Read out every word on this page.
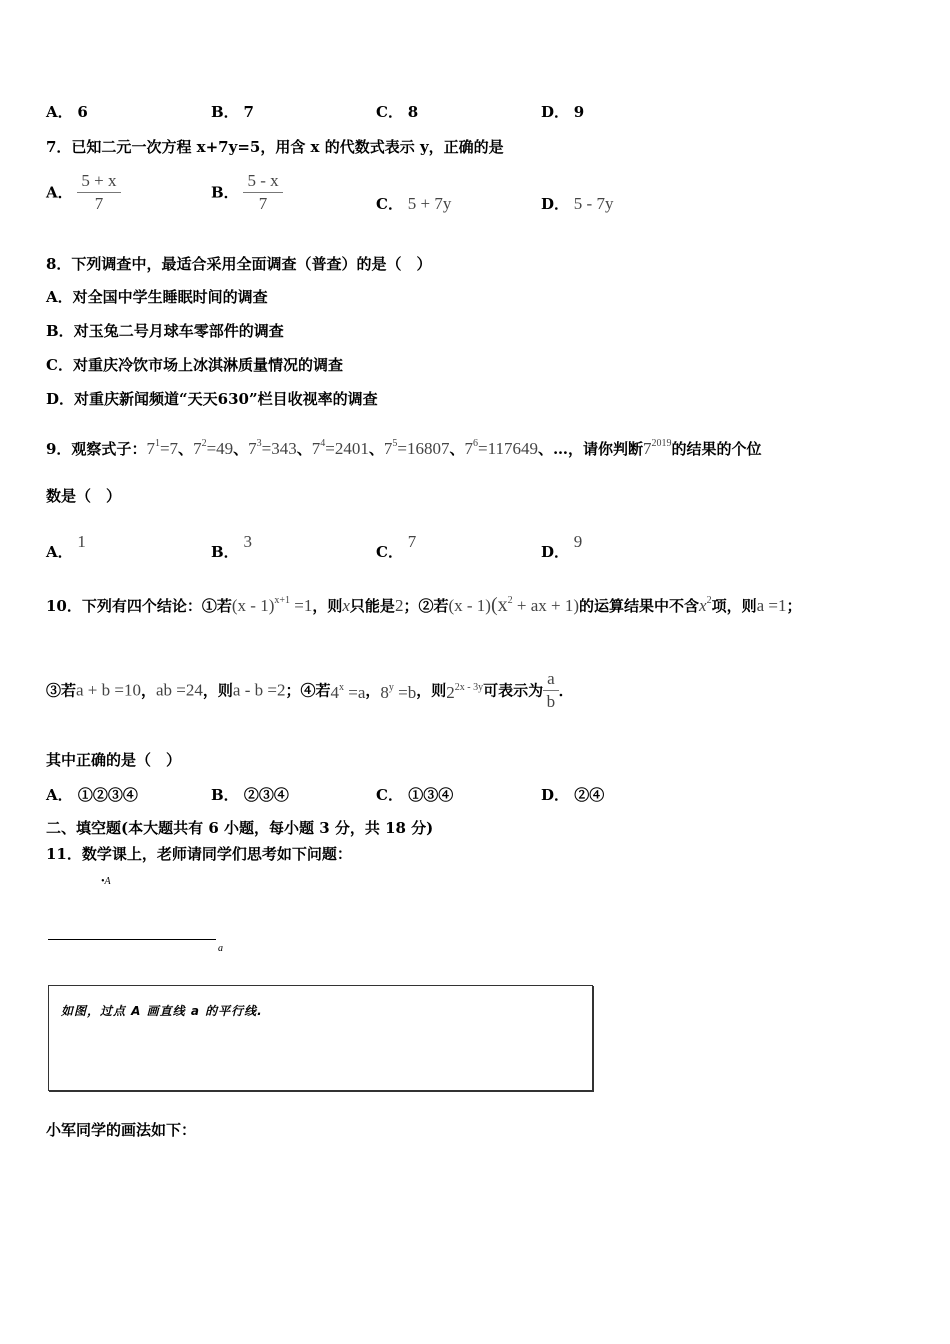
A． 6	B． 7	C． 8	D． 9
7．已知二元一次方程 x+7y=5，用含 x 的代数式表示 y，正确的是
A． $\frac{5 + x}{7}$	B． $\frac{5 - x}{7}$	C． 5 + 7y	D． 5 - 7y
8．下列调查中，最适合采用全面调查（普查）的是（　）
A．对全国中学生睡眠时间的调查
B．对玉兔二号月球车零部件的调查
C．对重庆冷饮市场上冰淇淋质量情况的调查
D．对重庆新闻频道“天天630”栏目收视率的调查
9．观察式子：$7^1=7$、$7^2=49$、$7^3=343$、$7^4=2401$、$7^5=16807$、$7^6=117649$、…，请你判断$7^{2019}$的结果的个位
数是（　）
A． 1
B． 3
C． 7
D． 9
10．下列有四个结论：①若(x - 1)$^{x+1}$ =1，则x只能是2；②若$(x - 1)(x^2$ + ax + 1)的运算结果中不含$x^2$项，则a =1；
③若a + b =10，ab =24，则a - b =2；④若$4^x =a$，$8^y =b$，则$2^{2x - 3y}$可表示为 $\frac{a}{b}$ ．
其中正确的是（　）
A． ①②③④	B． ②③④	C． ①③④	D． ②④
二、填空题(本大题共有 6 小题，每小题 3 分，共 18 分)
11．数学课上，老师请同学们思考如下问题：
•A
a
如图，过点 A 画直线 a 的平行线.
小军同学的画法如下：
